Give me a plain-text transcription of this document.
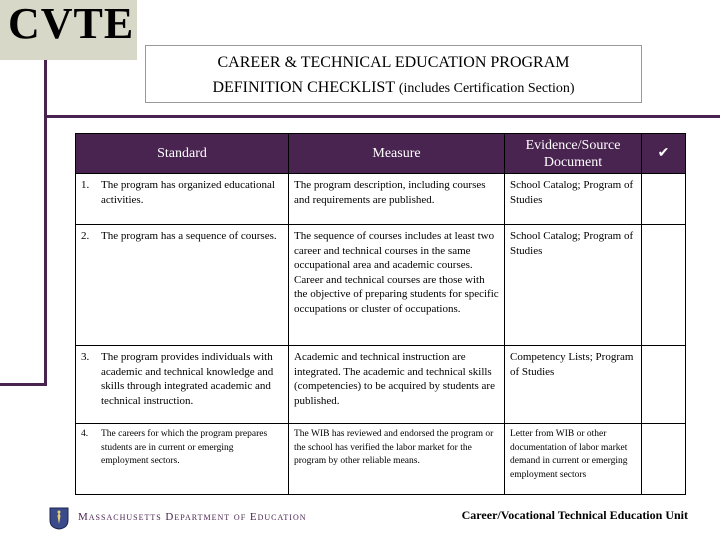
CVTE
CAREER & TECHNICAL EDUCATION PROGRAM
DEFINITION CHECKLIST (includes Certification Section)
Standard	Measure	Evidence/Source Document	✔

1. The program has organized educational activities.	The program description, including courses and requirements are published.	School Catalog; Program of Studies	

2. The program has a sequence of courses.	The sequence of courses includes at least two career and technical courses in the same occupational area and academic courses. Career and technical courses are those with the objective of preparing students for specific occupations or cluster of occupations.	School Catalog; Program of Studies	

3. The program provides individuals with academic and technical knowledge and skills through integrated academic and technical instruction.	Academic and technical instruction are integrated. The academic and technical skills (competencies) to be acquired by students are published.	Competency Lists; Program of Studies	

4. The careers for which the program prepares students are in current or emerging employment sectors.	The WIB has reviewed and endorsed the program or the school has verified the labor market for the program by other reliable means.	Letter from WIB or other documentation of labor market demand in current or emerging employment sectors	
Massachusetts Department of Education	Career/Vocational Technical Education Unit
